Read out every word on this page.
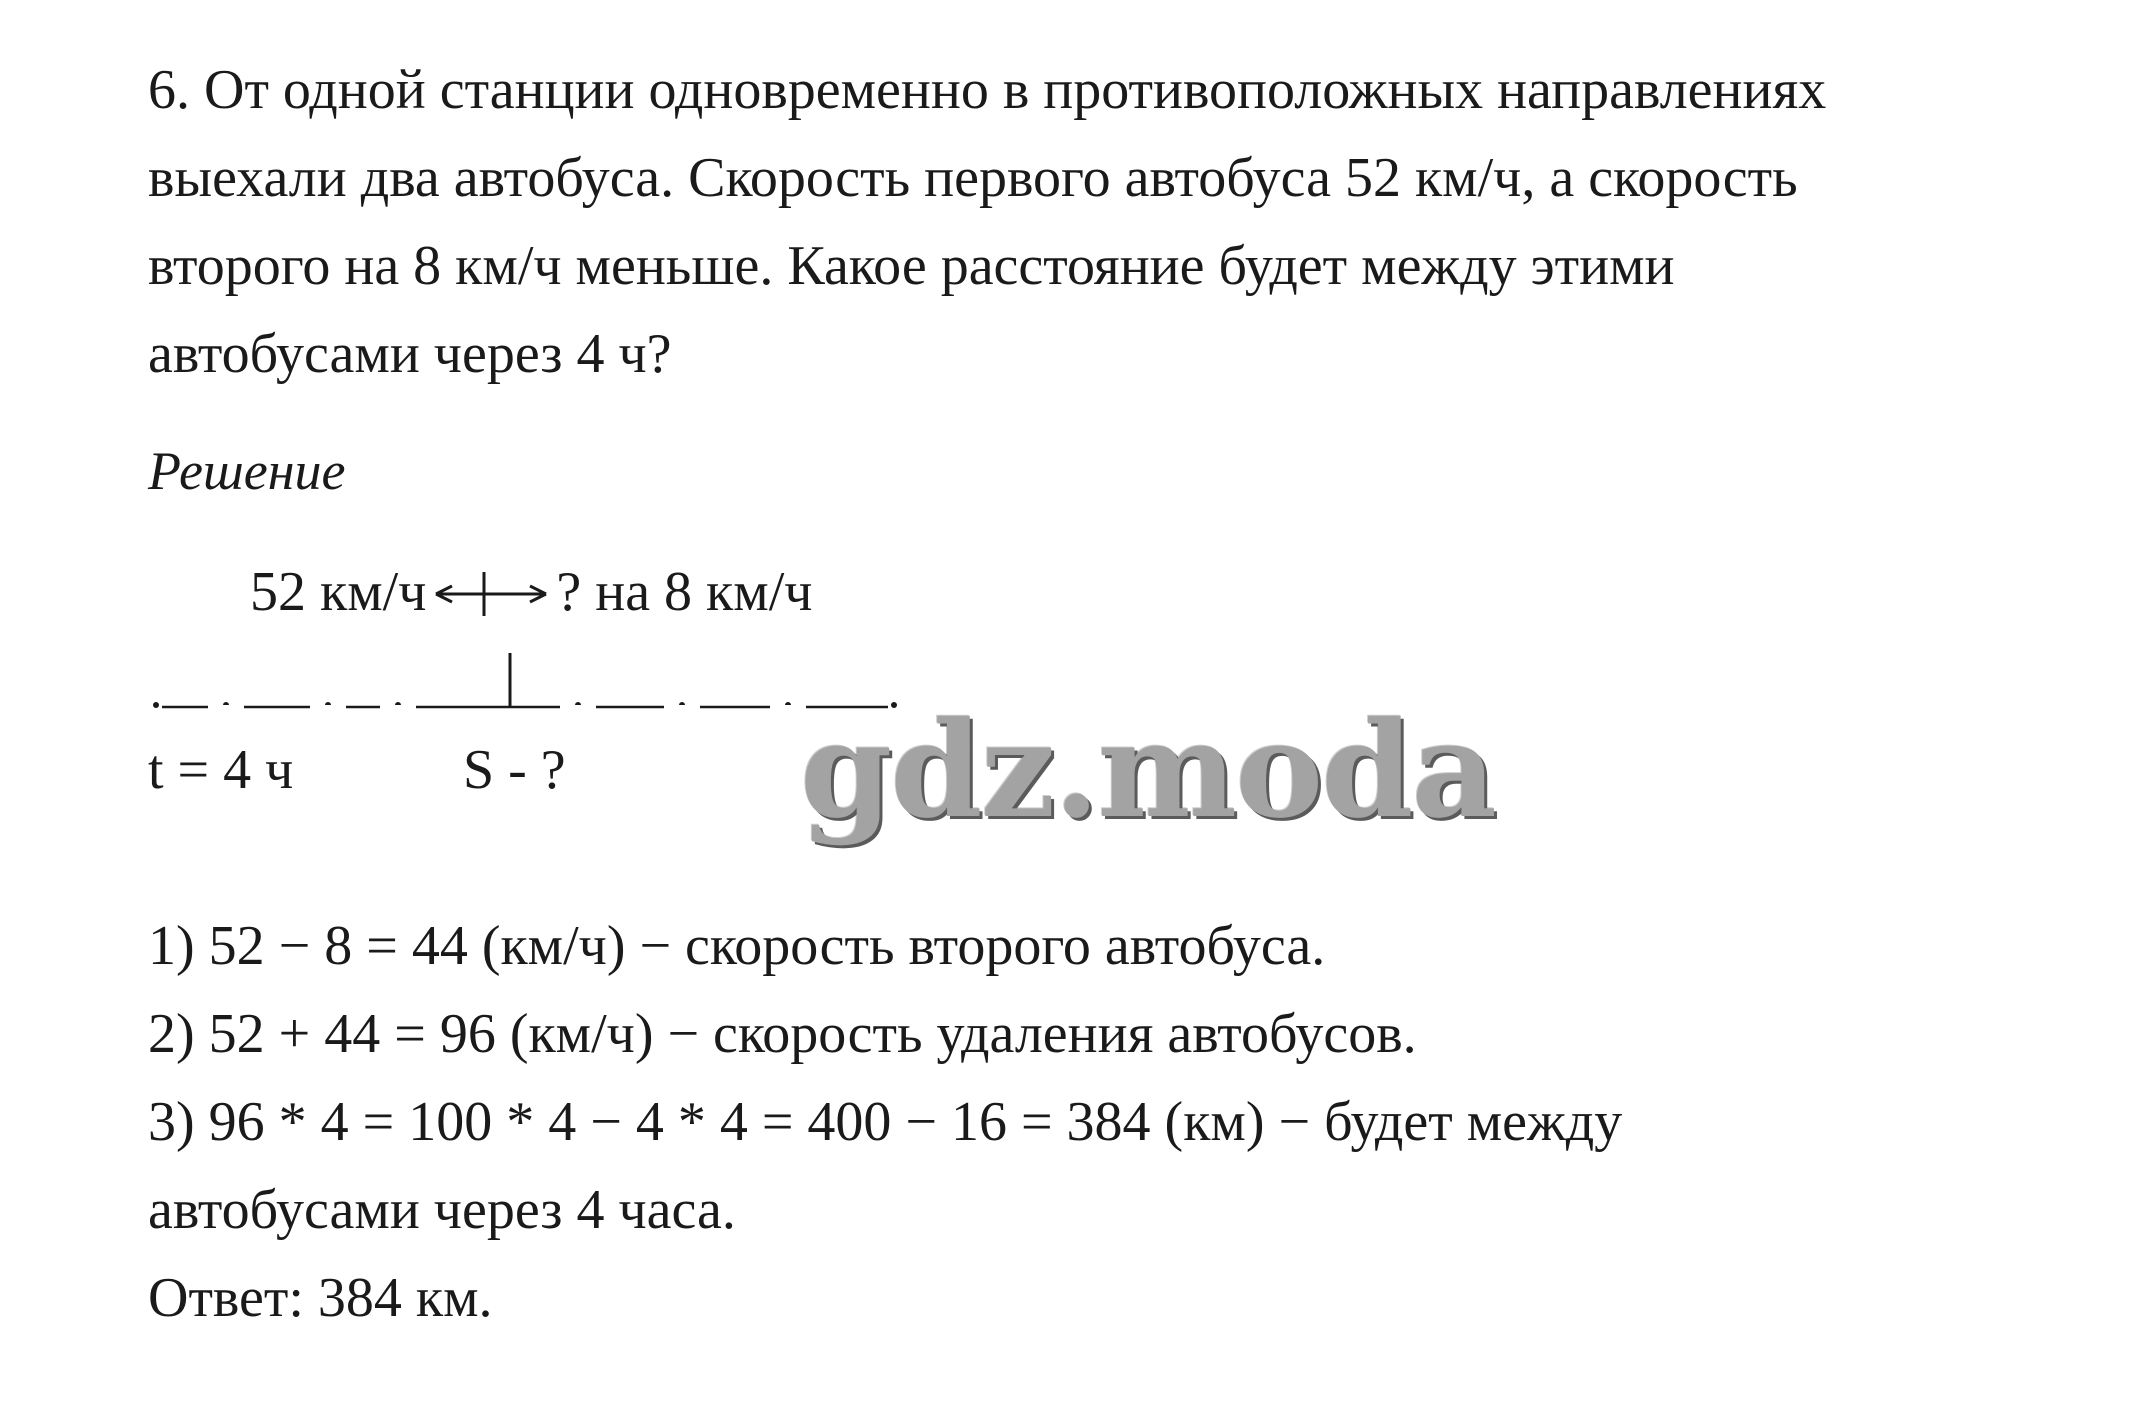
6. От одной станции одновременно в противоположных направлениях
выехали два автобуса. Скорость первого автобуса 52 км/ч, а скорость
второго на 8 км/ч меньше. Какое расстояние будет между этими
автобусами через 4 ч?
Решение
52 км/ч ? на 8 км/ч
t = 4 ч	S - ? gdz.moda
1) 52 − 8 = 44 (км/ч) − скорость второго автобуса.
2) 52 + 44 = 96 (км/ч) − скорость удаления автобусов.
3) 96 * 4 = 100 * 4 − 4 * 4 = 400 − 16 = 384 (км) − будет между
автобусами через 4 часа.
Ответ: 384 км.
